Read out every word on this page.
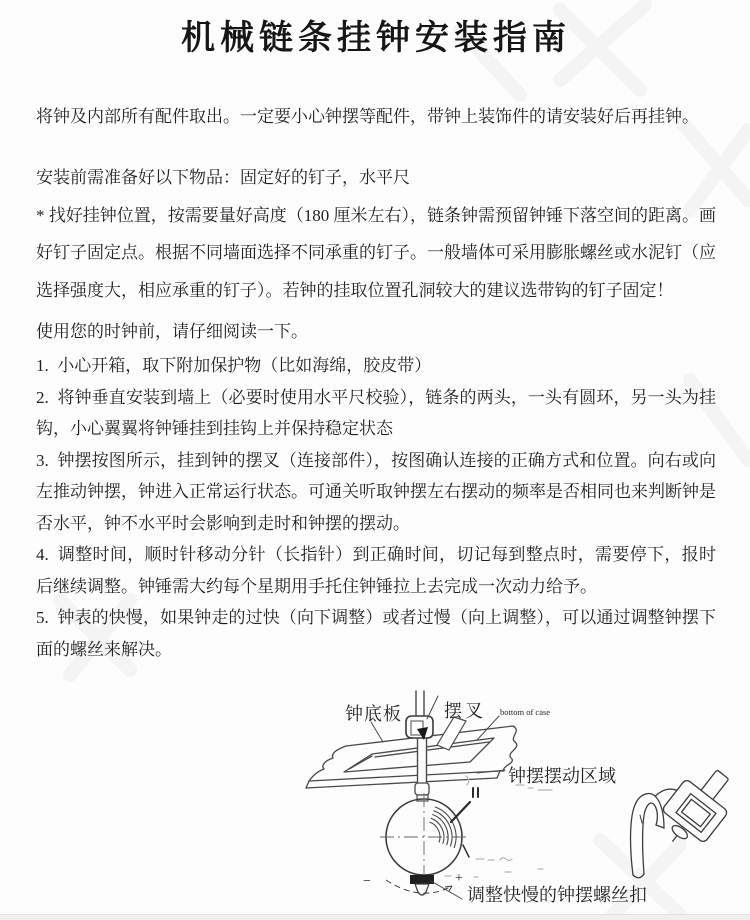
机械链条挂钟安装指南

将钟及内部所有配件取出。一定要小心钟摆等配件，带钟上装饰件的请安装好后再挂钟。

安装前需准备好以下物品：固定好的钉子，水平尺

* 找好挂钟位置，按需要量好高度（180 厘米左右），链条钟需预留钟锤下落空间的距离。画好钉子固定点。根据不同墙面选择不同承重的钉子。一般墙体可采用膨胀螺丝或水泥钉（应选择强度大，相应承重的钉子）。若钟的挂取位置孔洞较大的建议选带钩的钉子固定！

使用您的时钟前，请仔细阅读一下。

1.  小心开箱，取下附加保护物（比如海绵，胶皮带）

2.  将钟垂直安装到墙上（必要时使用水平尺校验），链条的两头，一头有圆环，另一头为挂钩，小心翼翼将钟锤挂到挂钩上并保持稳定状态

3.  钟摆按图所示，挂到钟的摆叉（连接部件），按图确认连接的正确方式和位置。向右或向左推动钟摆，钟进入正常运行状态。可通关听取钟摆左右摆动的频率是否相同也来判断钟是否水平，钟不水平时会影响到走时和钟摆的摆动。

4.  调整时间，顺时针移动分针（长指针）到正确时间，切记每到整点时，需要停下，报时后继续调整。钟锤需大约每个星期用手托住钟锤拉上去完成一次动力给予。

5.  钟表的快慢，如果钟走的过快（向下调整）或者过慢（向上调整），可以通过调整钟摆下面的螺丝来解决。

−	+
钟底板 摆叉 bottom of case
钟摆摆动区域
调整快慢的钟摆螺丝扣
